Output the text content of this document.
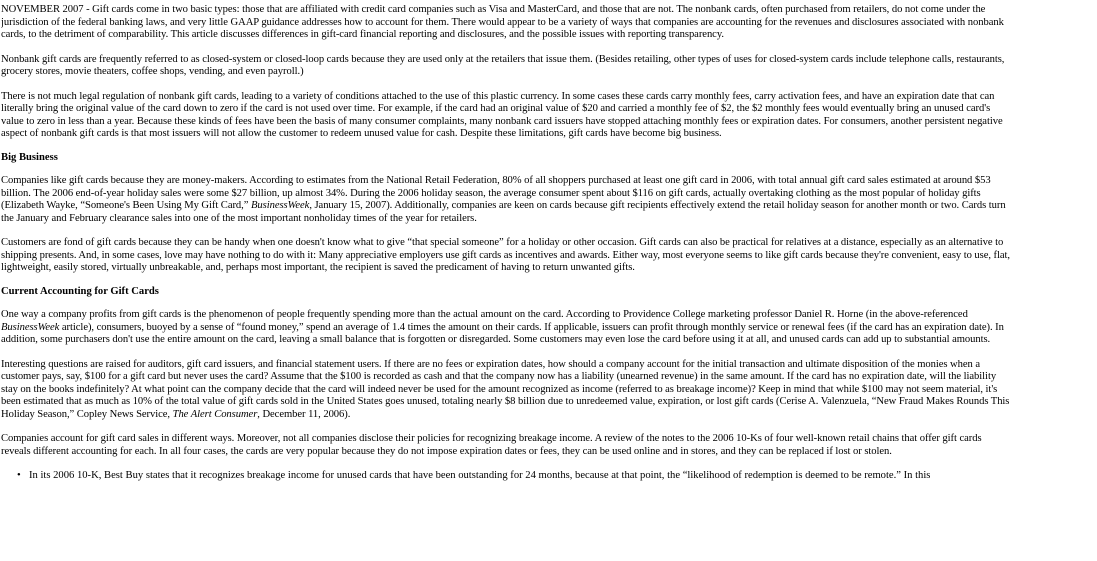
NOVEMBER 2007 - Gift cards come in two basic types: those that are affiliated with credit card companies such as Visa and MasterCard, and those that are not. The nonbank cards, often purchased from retailers, do not come under the jurisdiction of the federal banking laws, and very little GAAP guidance addresses how to account for them. There would appear to be a variety of ways that companies are accounting for the revenues and disclosures associated with nonbank cards, to the detriment of comparability. This article discusses differences in gift-card financial reporting and disclosures, and the possible issues with reporting transparency.

Nonbank gift cards are frequently referred to as closed-system or closed-loop cards because they are used only at the retailers that issue them. (Besides retailing, other types of uses for closed-system cards include telephone calls, restaurants, grocery stores, movie theaters, coffee shops, vending, and even payroll.)

There is not much legal regulation of nonbank gift cards, leading to a variety of conditions attached to the use of this plastic currency. In some cases these cards carry monthly fees, carry activation fees, and have an expiration date that can literally bring the original value of the card down to zero if the card is not used over time. For example, if the card had an original value of $20 and carried a monthly fee of $2, the $2 monthly fees would eventually bring an unused card's value to zero in less than a year. Because these kinds of fees have been the basis of many consumer complaints, many nonbank card issuers have stopped attaching monthly fees or expiration dates. For consumers, another persistent negative aspect of nonbank gift cards is that most issuers will not allow the customer to redeem unused value for cash. Despite these limitations, gift cards have become big business.

Big Business

Companies like gift cards because they are money-makers. According to estimates from the National Retail Federation, 80% of all shoppers purchased at least one gift card in 2006, with total annual gift card sales estimated at around $53 billion. The 2006 end-of-year holiday sales were some $27 billion, up almost 34%. During the 2006 holiday season, the average consumer spent about $116 on gift cards, actually overtaking clothing as the most popular of holiday gifts (Elizabeth Wayke, “Someone's Been Using My Gift Card,” BusinessWeek, January 15, 2007). Additionally, companies are keen on cards because gift recipients effectively extend the retail holiday season for another month or two. Cards turn the January and February clearance sales into one of the most important nonholiday times of the year for retailers.

Customers are fond of gift cards because they can be handy when one doesn't know what to give “that special someone” for a holiday or other occasion. Gift cards can also be practical for relatives at a distance, especially as an alternative to shipping presents. And, in some cases, love may have nothing to do with it: Many appreciative employers use gift cards as incentives and awards. Either way, most everyone seems to like gift cards because they're convenient, easy to use, flat, lightweight, easily stored, virtually unbreakable, and, perhaps most important, the recipient is saved the predicament of having to return unwanted gifts.

Current Accounting for Gift Cards

One way a company profits from gift cards is the phenomenon of people frequently spending more than the actual amount on the card. According to Providence College marketing professor Daniel R. Horne (in the above-referenced BusinessWeek article), consumers, buoyed by a sense of “found money,” spend an average of 1.4 times the amount on their cards. If applicable, issuers can profit through monthly service or renewal fees (if the card has an expiration date). In addition, some purchasers don't use the entire amount on the card, leaving a small balance that is forgotten or disregarded. Some customers may even lose the card before using it at all, and unused cards can add up to substantial amounts.

Interesting questions are raised for auditors, gift card issuers, and financial statement users. If there are no fees or expiration dates, how should a company account for the initial transaction and ultimate disposition of the monies when a customer pays, say, $100 for a gift card but never uses the card? Assume that the $100 is recorded as cash and that the company now has a liability (unearned revenue) in the same amount. If the card has no expiration date, will the liability stay on the books indefinitely? At what point can the company decide that the card will indeed never be used for the amount recognized as income (referred to as breakage income)? Keep in mind that while $100 may not seem material, it's been estimated that as much as 10% of the total value of gift cards sold in the United States goes unused, totaling nearly $8 billion due to unredeemed value, expiration, or lost gift cards (Cerise A. Valenzuela, “New Fraud Makes Rounds This Holiday Season,” Copley News Service, The Alert Consumer, December 11, 2006).

Companies account for gift card sales in different ways. Moreover, not all companies disclose their policies for recognizing breakage income. A review of the notes to the 2006 10-Ks of four well-known retail chains that offer gift cards reveals different accounting for each. In all four cases, the cards are very popular because they do not impose expiration dates or fees, they can be used online and in stores, and they can be replaced if lost or stolen.

• In its 2006 10-K, Best Buy states that it recognizes breakage income for unused cards that have been outstanding for 24 months, because at that point, the “likelihood of redemption is deemed to be remote.” In this
